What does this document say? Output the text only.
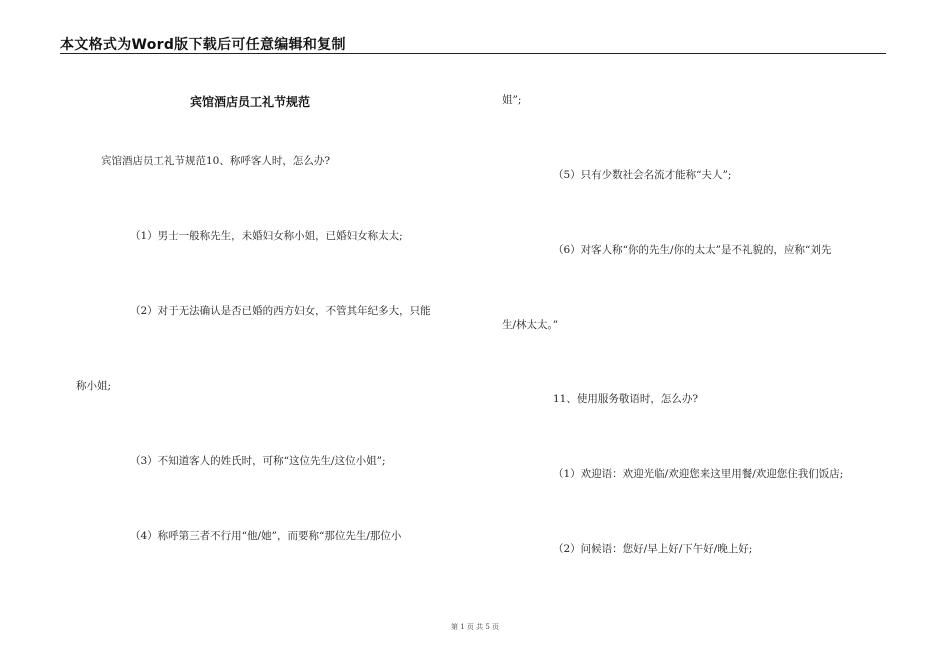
本文格式为Word版下载后可任意编辑和复制
宾馆酒店员工礼节规范
宾馆酒店员工礼节规范10、称呼客人时，怎么办?
（1）男士一般称先生，未婚妇女称小姐，已婚妇女称太太;
（2）对于无法确认是否已婚的西方妇女，不管其年纪多大，只能
称小姐;
（3）不知道客人的姓氏时，可称“这位先生/这位小姐”;
（4）称呼第三者不行用“他/她”，而要称“那位先生/那位小
姐”;
（5）只有少数社会名流才能称“夫人”;
（6）对客人称“你的先生/你的太太”是不礼貌的，应称“刘先
生/林太太。”
11、使用服务敬语时，怎么办?
（1）欢迎语：欢迎光临/欢迎您来这里用餐/欢迎您住我们饭店;
（2）问候语：您好/早上好/下午好/晚上好;
第 1 页 共 5 页
